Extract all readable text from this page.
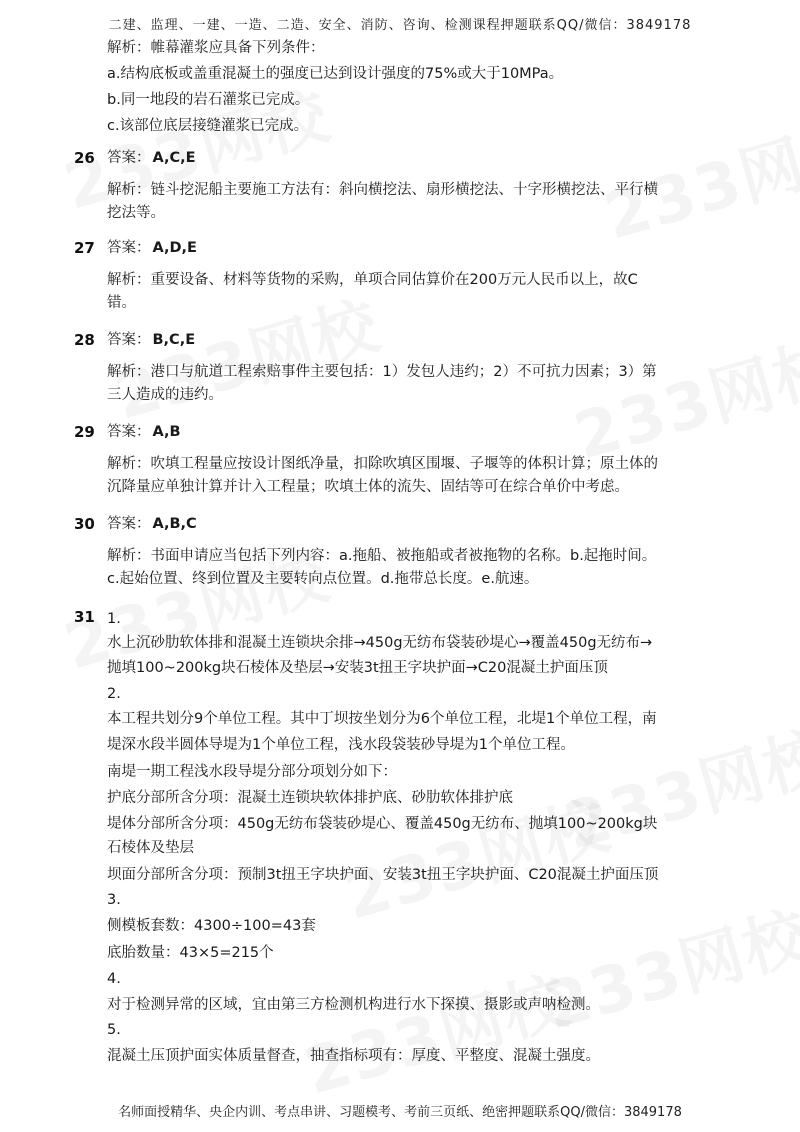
二建、监理、一建、一造、二造、安全、消防、咨询、检测课程押题联系QQ/微信：3849178
解析：帷幕灌浆应具备下列条件：
a.结构底板或盖重混凝土的强度已达到设计强度的75%或大于10MPa。
b.同一地段的岩石灌浆已完成。
c.该部位底层接缝灌浆已完成。
26 答案： A,C,E
解析：链斗挖泥船主要施工方法有：斜向横挖法、扇形横挖法、十字形横挖法、平行横
挖法等。
27 答案： A,D,E
解析：重要设备、材料等货物的采购，单项合同估算价在200万元人民币以上，故C
错。
28 答案： B,C,E
解析：港口与航道工程索赔事件主要包括：1）发包人违约；2）不可抗力因素；3）第
三人造成的违约。
29 答案： A,B
解析：吹填工程量应按设计图纸净量，扣除吹填区围堰、子堰等的体积计算；原土体的
沉降量应单独计算并计入工程量；吹填土体的流失、固结等可在综合单价中考虑。
30 答案： A,B,C
解析：书面申请应当包括下列内容：a.拖船、被拖船或者被拖物的名称。b.起拖时间。
c.起始位置、终到位置及主要转向点位置。d.拖带总长度。e.航速。
31 1.
水上沉砂肋软体排和混凝土连锁块余排→450g无纺布袋装砂堤心→覆盖450g无纺布→
抛填100~200kg块石棱体及垫层→安装3t扭王字块护面→C20混凝土护面压顶
2.
本工程共划分9个单位工程。其中丁坝按坐划分为6个单位工程，北堤1个单位工程，南
堤深水段半圆体导堤为1个单位工程，浅水段袋装砂导堤为1个单位工程。
南堤一期工程浅水段导堤分部分项划分如下：
护底分部所含分项：混凝土连锁块软体排护底、砂肋软体排护底
堤体分部所含分项：450g无纺布袋装砂堤心、覆盖450g无纺布、抛填100~200kg块
石棱体及垫层
坝面分部所含分项：预制3t扭王字块护面、安装3t扭王字块护面、C20混凝土护面压顶
3.
侧模板套数：4300÷100=43套
底胎数量：43×5=215个
4.
对于检测异常的区域，宜由第三方检测机构进行水下探摸、摄影或声呐检测。
5.
混凝土压顶护面实体质量督查，抽查指标项有：厚度、平整度、混凝土强度。
名师面授精华、央企内训、考点串讲、习题模考、考前三页纸、绝密押题联系QQ/微信：3849178
